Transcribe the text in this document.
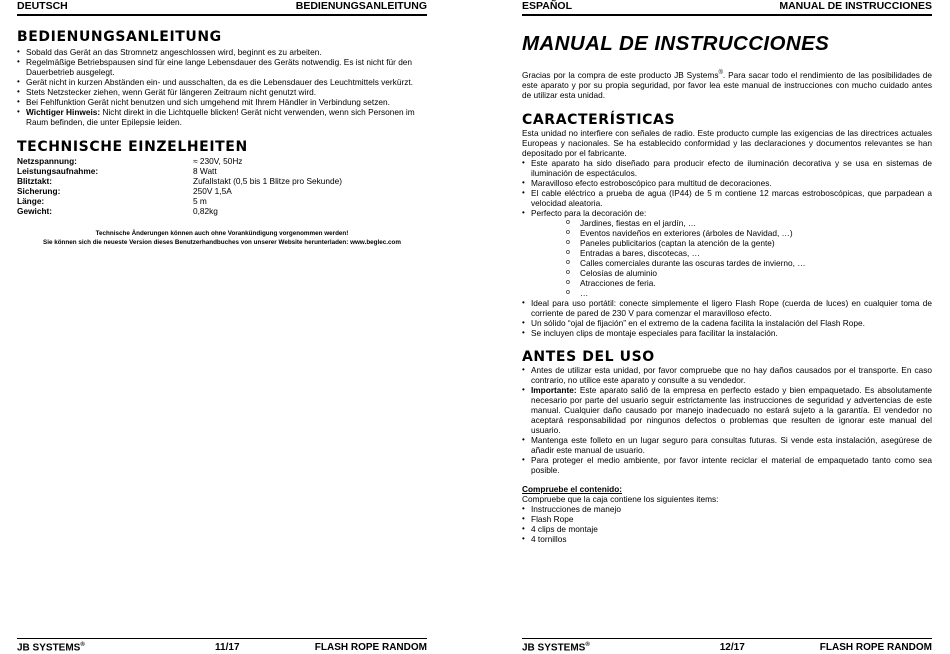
DEUTSCH	BEDIENUNGSANLEITUNG
BEDIENUNGSANLEITUNG
• Sobald das Gerät an das Stromnetz angeschlossen wird, beginnt es zu arbeiten.
• Regelmäßige Betriebspausen sind für eine lange Lebensdauer des Geräts notwendig. Es ist nicht für den Dauerbetrieb ausgelegt.
• Gerät nicht in kurzen Abständen ein- und ausschalten, da es die Lebensdauer des Leuchtmittels verkürzt.
• Stets Netzstecker ziehen, wenn Gerät für längeren Zeitraum nicht genutzt wird.
• Bei Fehlfunktion Gerät nicht benutzen und sich umgehend mit Ihrem Händler in Verbindung setzen.
• Wichtiger Hinweis: Nicht direkt in die Lichtquelle blicken! Gerät nicht verwenden, wenn sich Personen im Raum befinden, die unter Epilepsie leiden.
TECHNISCHE EINZELHEITEN
Netzspannung:	≈ 230V, 50Hz
Leistungsaufnahme:	8 Watt
Blitztakt:	Zufallstakt (0,5 bis 1 Blitze pro Sekunde)
Sicherung:	250V 1,5A
Länge:	5 m
Gewicht:	0,82kg
Technische Änderungen können auch ohne Vorankündigung vorgenommen werden!
Sie können sich die neueste Version dieses Benutzerhandbuches von unserer Website herunterladen: www.beglec.com
JB SYSTEMS®	11/17	FLASH ROPE RANDOM
ESPAÑOL	MANUAL DE INSTRUCCIONES
MANUAL DE INSTRUCCIONES
Gracias por la compra de este producto JB Systems®. Para sacar todo el rendimiento de las posibilidades de este aparato y por su propia seguridad, por favor lea este manual de instrucciones con mucho cuidado antes de utilizar esta unidad.
CARACTERÍSTICAS
Esta unidad no interfiere con señales de radio. Este producto cumple las exigencias de las directrices actuales Europeas y nacionales. Se ha establecido conformidad y las declaraciones y documentos relevantes se han depositado por el fabricante.
• Este aparato ha sido diseñado para producir efecto de iluminación decorativa y se usa en sistemas de iluminación de espectáculos.
• Maravilloso efecto estroboscópico para multitud de decoraciones.
• El cable eléctrico a prueba de agua (IP44) de 5 m contiene 12 marcas estroboscópicas, que parpadean a velocidad aleatoria.
• Perfecto para la decoración de:
o Jardines, fiestas en el jardín, …
o Eventos navideños en exteriores (árboles de Navidad, …)
o Paneles publicitarios (captan la atención de la gente)
o Entradas a bares, discotecas, …
o Calles comerciales durante las oscuras tardes de invierno, …
o Celosías de aluminio
o Atracciones de feria.
o …
• Ideal para uso portátil: conecte simplemente el ligero Flash Rope (cuerda de luces) en cualquier toma de corriente de pared de 230 V para comenzar el maravilloso efecto.
• Un sólido “ojal de fijación” en el extremo de la cadena facilita la instalación del Flash Rope.
• Se incluyen clips de montaje especiales para facilitar la instalación.
ANTES DEL USO
• Antes de utilizar esta unidad, por favor compruebe que no hay daños causados por el transporte. En caso contrario, no utilice este aparato y consulte a su vendedor.
• Importante: Este aparato salió de la empresa en perfecto estado y bien empaquetado. Es absolutamente necesario por parte del usuario seguir estrictamente las instrucciones de seguridad y advertencias de este manual. Cualquier daño causado por manejo inadecuado no estará sujeto a la garantía. El vendedor no aceptará responsabilidad por ningunos defectos o problemas que resulten de ignorar este manual del usuario.
• Mantenga este folleto en un lugar seguro para consultas futuras. Si vende esta instalación, asegúrese de añadir este manual de usuario.
• Para proteger el medio ambiente, por favor intente reciclar el material de empaquetado tanto como sea posible.
Compruebe el contenido:
Compruebe que la caja contiene los siguientes items:
• Instrucciones de manejo
• Flash Rope
• 4 clips de montaje
• 4 tornillos
JB SYSTEMS®	12/17	FLASH ROPE RANDOM
